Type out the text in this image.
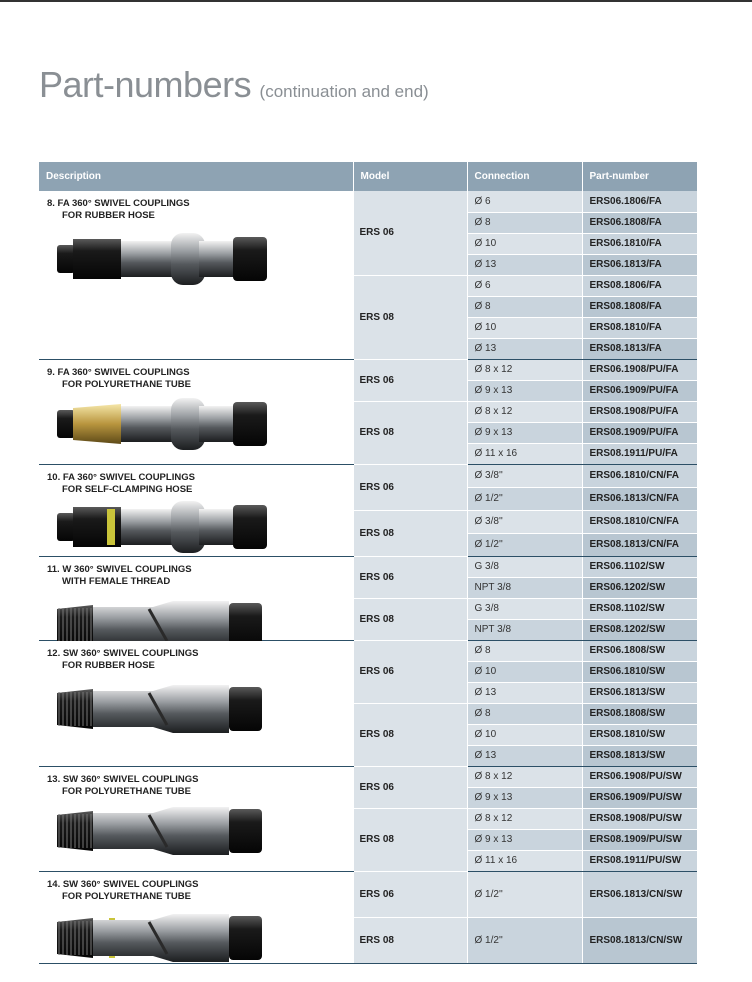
Part-numbers (continuation and end)
Description	Model	Connection	Part-number

8. FA 360° SWIVEL COUPLINGS
FOR RUBBER HOSE	ERS 06	Ø 6	ERS06.1806/FA
		Ø 8	ERS06.1808/FA
		Ø 10	ERS06.1810/FA
		Ø 13	ERS06.1813/FA
	ERS 08	Ø 6	ERS08.1806/FA
		Ø 8	ERS08.1808/FA
		Ø 10	ERS08.1810/FA
		Ø 13	ERS08.1813/FA

9. FA 360° SWIVEL COUPLINGS
FOR POLYURETHANE TUBE	ERS 06	Ø 8 x 12	ERS06.1908/PU/FA
		Ø 9 x 13	ERS06.1909/PU/FA
	ERS 08	Ø 8 x 12	ERS08.1908/PU/FA
		Ø 9 x 13	ERS08.1909/PU/FA
		Ø 11 x 16	ERS08.1911/PU/FA

10. FA 360° SWIVEL COUPLINGS
FOR SELF-CLAMPING HOSE	ERS 06	Ø 3/8''	ERS06.1810/CN/FA
		Ø 1/2''	ERS06.1813/CN/FA
	ERS 08	Ø 3/8''	ERS08.1810/CN/FA
		Ø 1/2''	ERS08.1813/CN/FA

11. W 360° SWIVEL COUPLINGS
WITH FEMALE THREAD	ERS 06	G 3/8	ERS06.1102/SW
		NPT 3/8	ERS06.1202/SW
	ERS 08	G 3/8	ERS08.1102/SW
		NPT 3/8	ERS08.1202/SW

12. SW 360° SWIVEL COUPLINGS
FOR RUBBER HOSE	ERS 06	Ø 8	ERS06.1808/SW
		Ø 10	ERS06.1810/SW
		Ø 13	ERS06.1813/SW
	ERS 08	Ø 8	ERS08.1808/SW
		Ø 10	ERS08.1810/SW
		Ø 13	ERS08.1813/SW

13. SW 360° SWIVEL COUPLINGS
FOR POLYURETHANE TUBE	ERS 06	Ø 8 x 12	ERS06.1908/PU/SW
		Ø 9 x 13	ERS06.1909/PU/SW
	ERS 08	Ø 8 x 12	ERS08.1908/PU/SW
		Ø 9 x 13	ERS08.1909/PU/SW
		Ø 11 x 16	ERS08.1911/PU/SW

14. SW 360° SWIVEL COUPLINGS
FOR POLYURETHANE TUBE	ERS 06	Ø 1/2''	ERS06.1813/CN/SW
	ERS 08	Ø 1/2''	ERS08.1813/CN/SW
